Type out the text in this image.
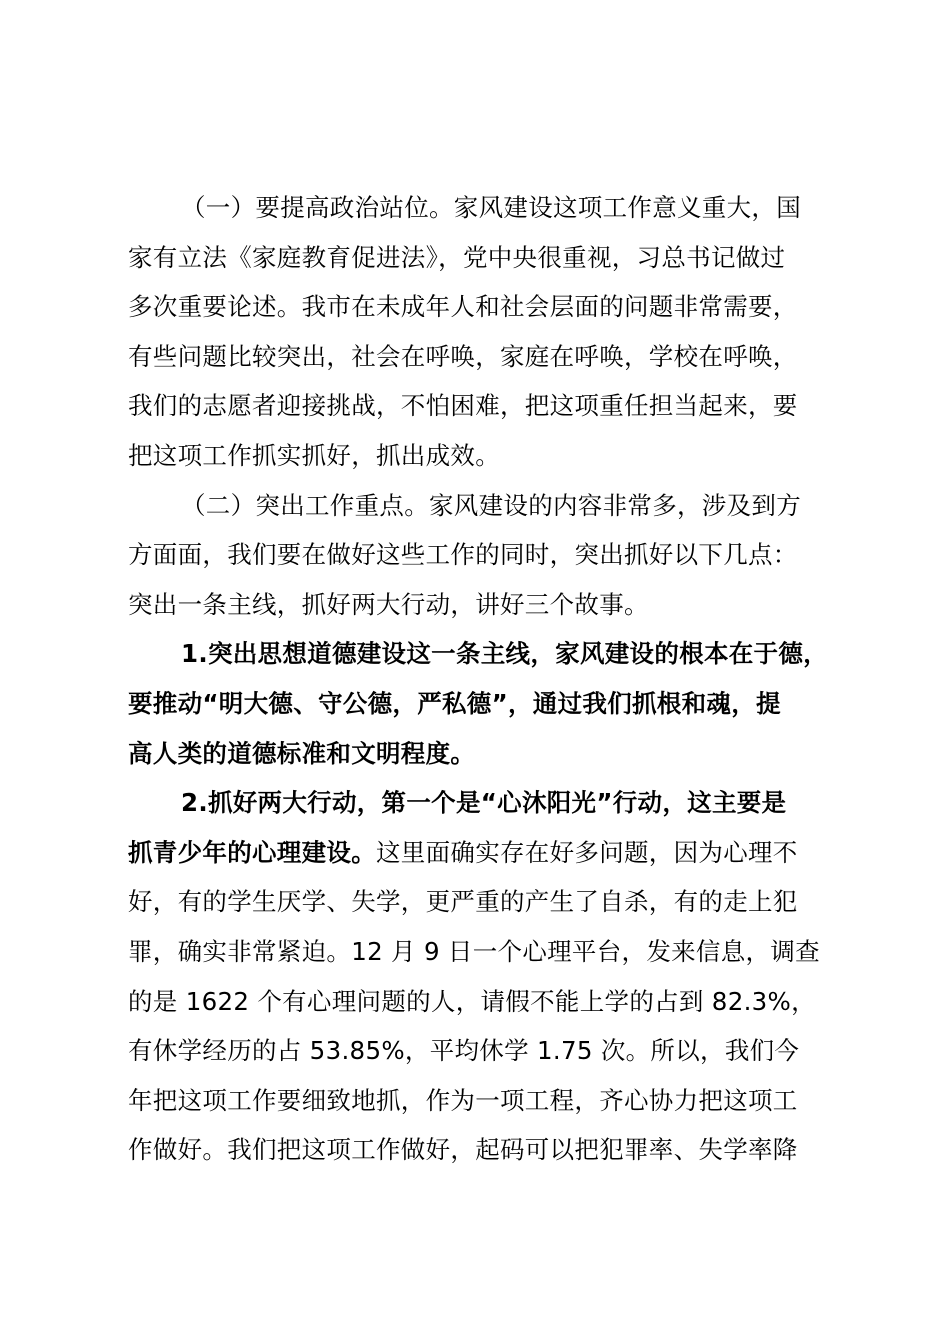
（一）要提高政治站位。家风建设这项工作意义重大，国
家有立法《家庭教育促进法》，党中央很重视，习总书记做过
多次重要论述。我市在未成年人和社会层面的问题非常需要，
有些问题比较突出，社会在呼唤，家庭在呼唤，学校在呼唤，
我们的志愿者迎接挑战，不怕困难，把这项重任担当起来，要
把这项工作抓实抓好，抓出成效。

（二）突出工作重点。家风建设的内容非常多，涉及到方
方面面，我们要在做好这些工作的同时，突出抓好以下几点：
突出一条主线，抓好两大行动，讲好三个故事。

1.突出思想道德建设这一条主线，家风建设的根本在于德，
要推动“明大德、守公德，严私德”，通过我们抓根和魂，提
高人类的道德标准和文明程度。

2.抓好两大行动，第一个是“心沐阳光”行动，这主要是
抓青少年的心理建设。这里面确实存在好多问题，因为心理不
好，有的学生厌学、失学，更严重的产生了自杀，有的走上犯
罪，确实非常紧迫。12 月 9 日一个心理平台，发来信息，调查
的是 1622 个有心理问题的人，请假不能上学的占到 82.3%，
有休学经历的占 53.85%，平均休学 1.75 次。所以，我们今
年把这项工作要细致地抓，作为一项工程，齐心协力把这项工
作做好。我们把这项工作做好，起码可以把犯罪率、失学率降
